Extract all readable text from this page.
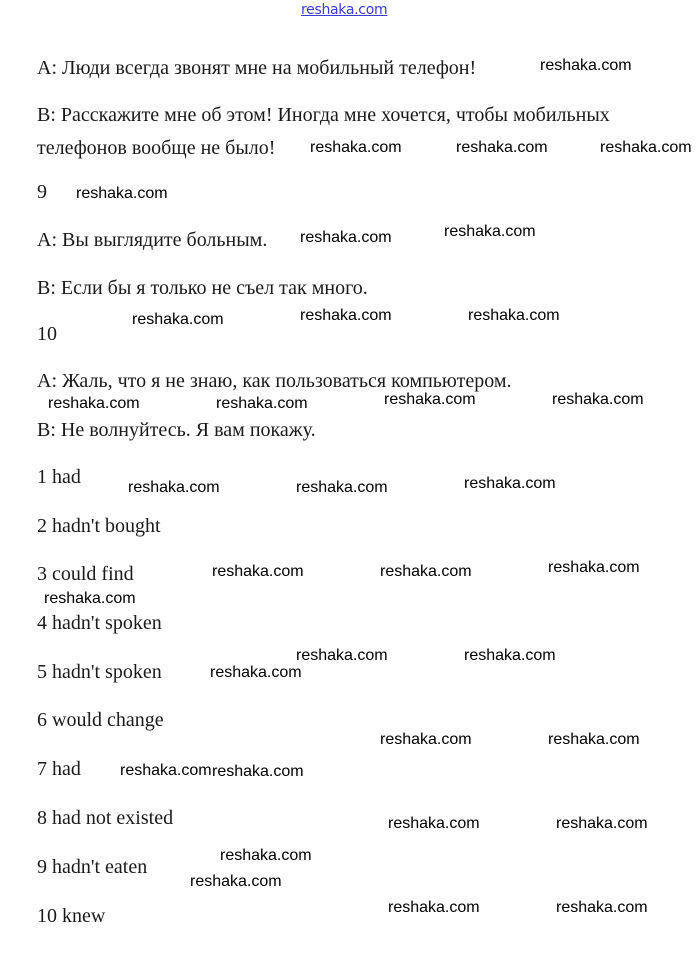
reshaka.com
A: Люди всегда звонят мне на мобильный телефон!
B: Расскажите мне об этом! Иногда мне хочется, чтобы мобильных
телефонов вообще не было!
9
A: Вы выглядите больным.
B: Если бы я только не съел так много.
10
A: Жаль, что я не знаю, как пользоваться компьютером.
B: Не волнуйтесь. Я вам покажу.
1 had
2 hadn't bought
3 could find
4 hadn't spoken
5 hadn't spoken
6 would change
7 had
8 had not existed
9 hadn't eaten
10 knew
reshaka.com
reshaka.com
reshaka.com	reshaka.com
reshaka.com
reshaka.com	reshaka.com
reshaka.com	reshaka.com	reshaka.com
reshaka.com	reshaka.com	reshaka.com	reshaka.com
reshaka.com	reshaka.com	reshaka.com
reshaka.com	reshaka.com	reshaka.com
reshaka.com
reshaka.com	reshaka.com
reshaka.com
reshaka.com	reshaka.com
reshaka.com
reshaka.com
reshaka.com	reshaka.com
reshaka.com
reshaka.com
reshaka.com	reshaka.com
